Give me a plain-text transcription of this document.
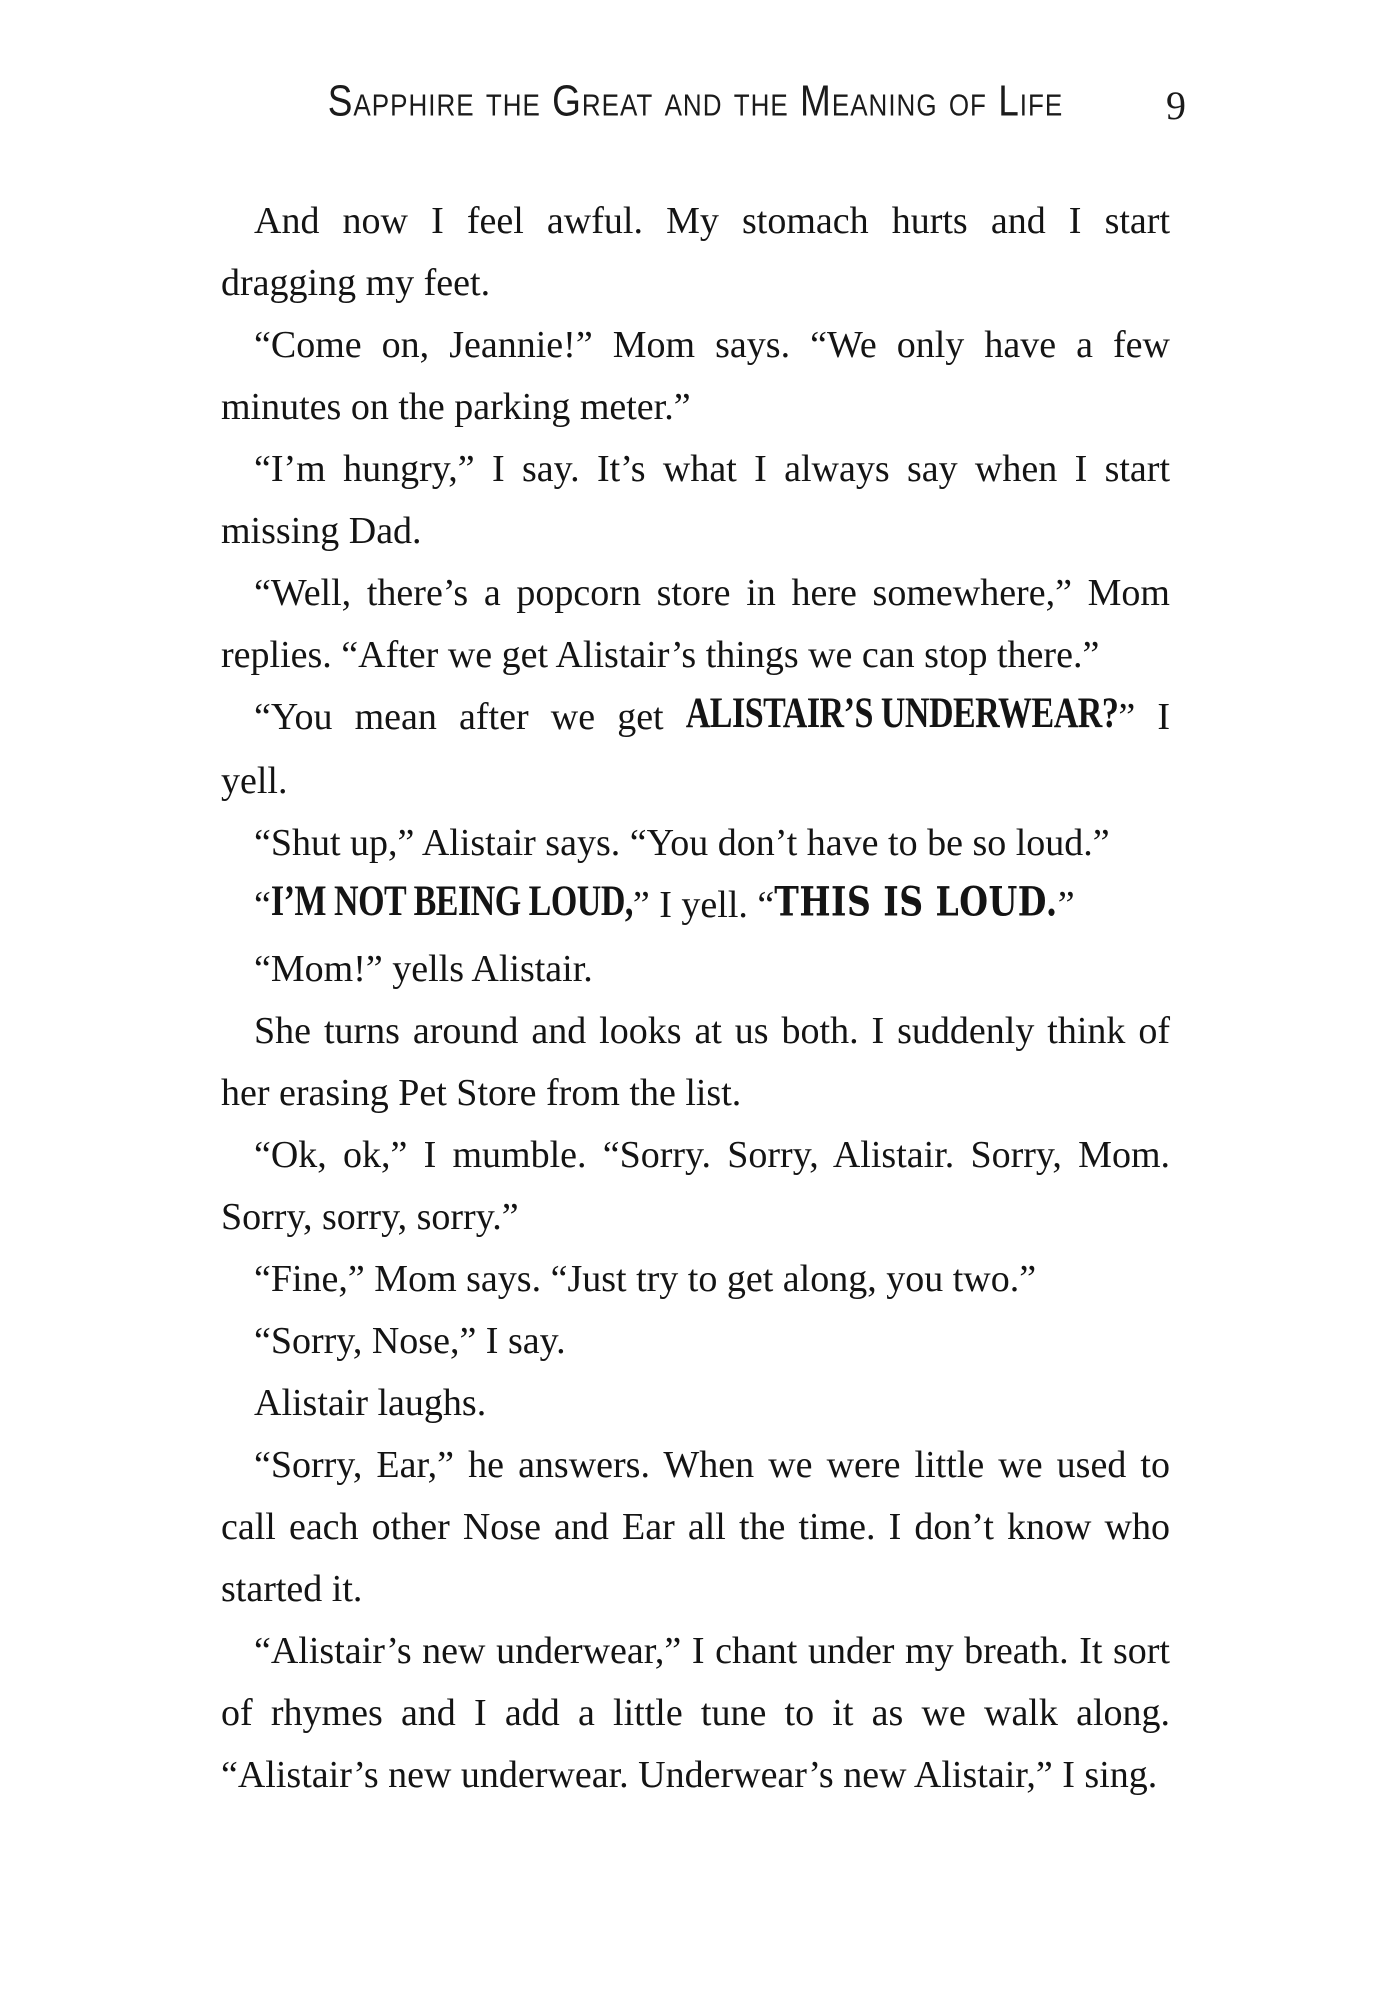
Sapphire the Great and the Meaning of Life	9

And now I feel awful. My stomach hurts and I start dragging my feet.

“Come on, Jeannie!” Mom says. “We only have a few minutes on the parking meter.”

“I’m hungry,” I say. It’s what I always say when I start missing Dad.

“Well, there’s a popcorn store in here somewhere,” Mom replies. “After we get Alistair’s things we can stop there.”

“You mean after we get ALISTAIR’S UNDERWEAR?” I yell.

“Shut up,” Alistair says. “You don’t have to be so loud.”

“I’M NOT BEING LOUD,” I yell. “THIS IS LOUD.”

“Mom!” yells Alistair.

She turns around and looks at us both. I suddenly think of her erasing Pet Store from the list.

“Ok, ok,” I mumble. “Sorry. Sorry, Alistair. Sorry, Mom. Sorry, sorry, sorry.”

“Fine,” Mom says. “Just try to get along, you two.”

“Sorry, Nose,” I say.

Alistair laughs.

“Sorry, Ear,” he answers. When we were little we used to call each other Nose and Ear all the time. I don’t know who started it.

“Alistair’s new underwear,” I chant under my breath. It sort of rhymes and I add a little tune to it as we walk along. “Alistair’s new underwear. Underwear’s new Alistair,” I sing.
